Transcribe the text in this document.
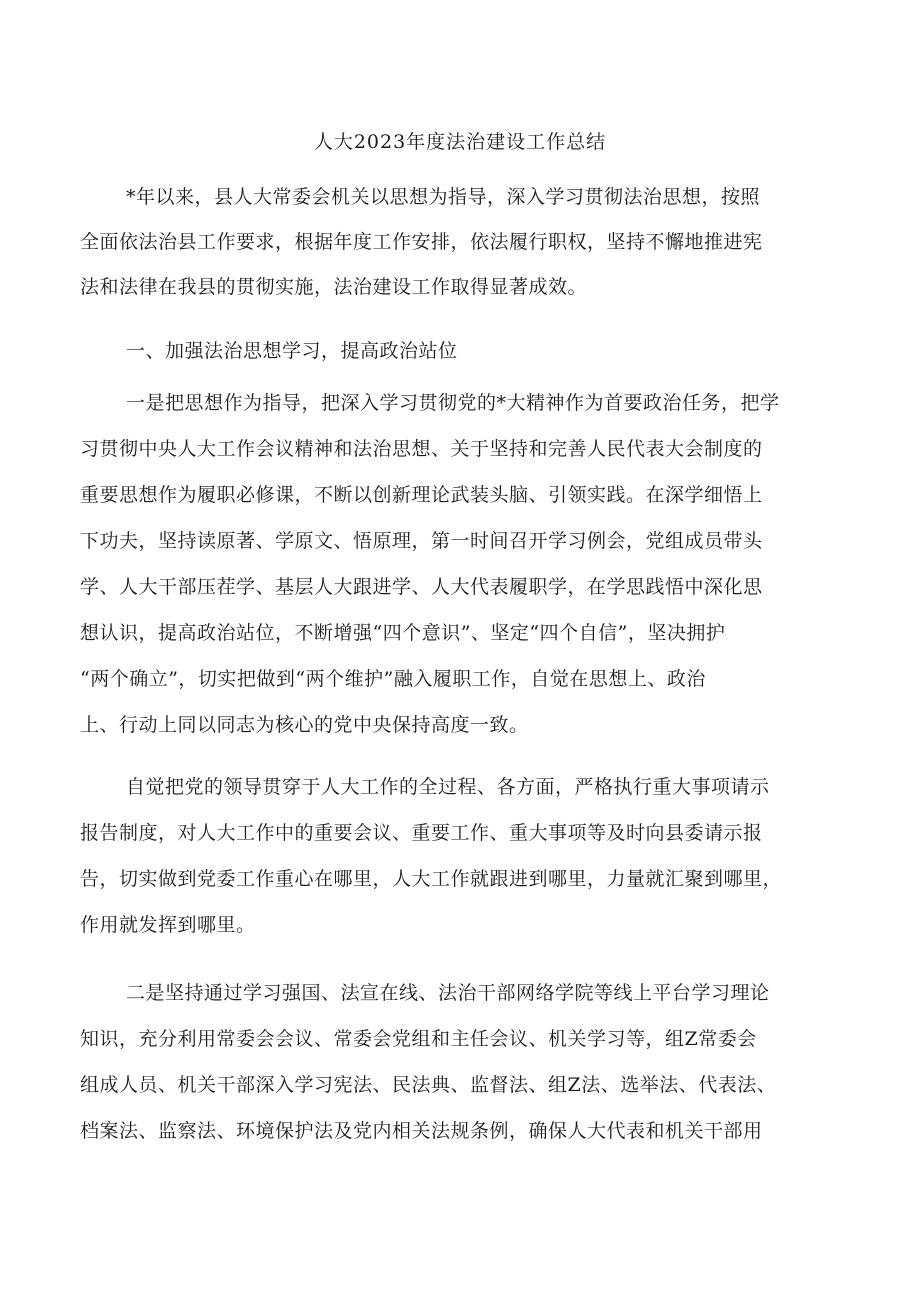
人大2023年度法治建设工作总结
*年以来，县人大常委会机关以思想为指导，深入学习贯彻法治思想，按照
全面依法治县工作要求，根据年度工作安排，依法履行职权，坚持不懈地推进宪
法和法律在我县的贯彻实施，法治建设工作取得显著成效。
一、加强法治思想学习，提高政治站位
一是把思想作为指导，把深入学习贯彻党的*大精神作为首要政治任务，把学
习贯彻中央人大工作会议精神和法治思想、关于坚持和完善人民代表大会制度的
重要思想作为履职必修课，不断以创新理论武装头脑、引领实践。在深学细悟上
下功夫，坚持读原著、学原文、悟原理，第一时间召开学习例会，党组成员带头
学、人大干部压茬学、基层人大跟进学、人大代表履职学，在学思践悟中深化思
想认识，提高政治站位，不断增强“四个意识”、坚定“四个自信”，坚决拥护
“两个确立”，切实把做到“两个维护”融入履职工作，自觉在思想上、政治
上、行动上同以同志为核心的党中央保持高度一致。
自觉把党的领导贯穿于人大工作的全过程、各方面，严格执行重大事项请示
报告制度，对人大工作中的重要会议、重要工作、重大事项等及时向县委请示报
告，切实做到党委工作重心在哪里，人大工作就跟进到哪里，力量就汇聚到哪里，
作用就发挥到哪里。
二是坚持通过学习强国、法宣在线、法治干部网络学院等线上平台学习理论
知识，充分利用常委会会议、常委会党组和主任会议、机关学习等，组Z常委会
组成人员、机关干部深入学习宪法、民法典、监督法、组Z法、选举法、代表法、
档案法、监察法、环境保护法及党内相关法规条例，确保人大代表和机关干部用
